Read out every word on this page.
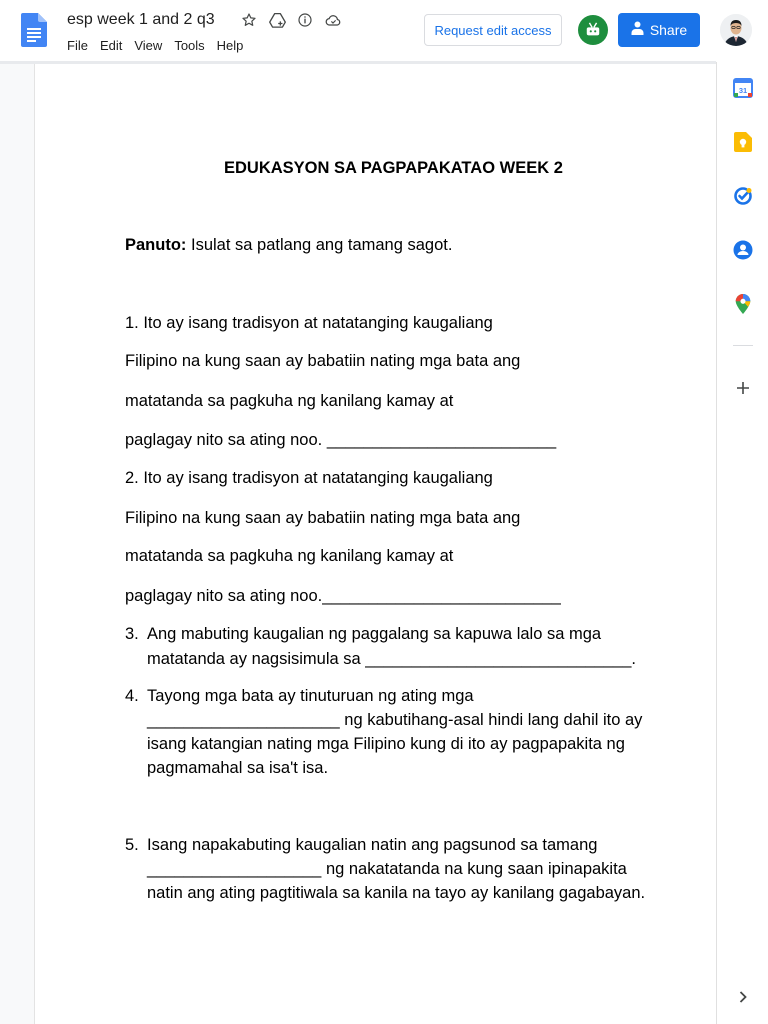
esp week 1 and 2 q3
File Edit View Tools Help
Request edit access	Share
EDUKASYON SA PAGPAPAKATAO WEEK 2
Panuto: Isulat sa patlang ang tamang sagot.
1. Ito ay isang tradisyon at natatanging kaugaliang
Filipino na kung saan ay babatiin nating mga bata ang
matatanda sa pagkuha ng kanilang kamay at
paglagay nito sa ating noo. _________________________
2. Ito ay isang tradisyon at natatanging kaugaliang
Filipino na kung saan ay babatiin nating mga bata ang
matatanda sa pagkuha ng kanilang kamay at
paglagay nito sa ating noo.__________________________
3. Ang mabuting kaugalian ng paggalang sa kapuwa lalo sa mga
matatanda ay nagsisimula sa _____________________________.
4. Tayong mga bata ay tinuturuan ng ating mga
_____________________ ng kabutihang-asal hindi lang dahil ito ay
isang katangian nating mga Filipino kung di ito ay pagpapakita ng
pagmamahal sa isa't isa.
5. Isang napakabuting kaugalian natin ang pagsunod sa tamang
___________________ ng nakatatanda na kung saan ipinapakita
natin ang ating pagtitiwala sa kanila na tayo ay kanilang gagabayan.
31
